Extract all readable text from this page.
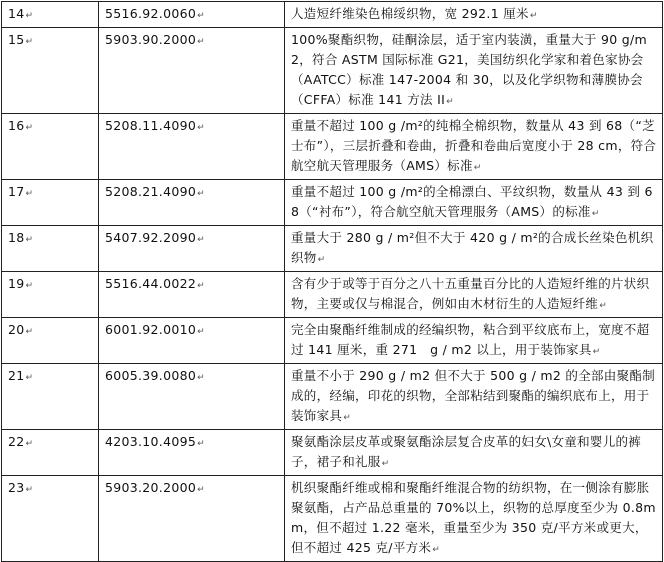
14↵	5516.92.0060↵	人造短纤维染色棉绥织物，宽 292.1 厘米↵
15↵	5903.90.2000↵	100%聚酯织物，硅酮涂层，适于室内装潢，重量大于 90 g/m2，符合 ASTM 国际标准 G21，美国纺织化学家和着色家协会（AATCC）标准 147-2004 和 30，以及化学织物和薄膜协会（CFFA）标准 141 方法 II↵
16↵	5208.11.4090↵	重量不超过 100 g /m²的纯棉全棉织物，数量从 43 到 68（“芝士布”），三层折叠和卷曲，折叠和卷曲后宽度小于 28 cm，符合航空航天管理服务（AMS）标准↵
17↵	5208.21.4090↵	重量不超过 100 g /m²的全棉漂白、平纹织物，数量从 43 到 68（“衬布”），符合航空航天管理服务（AMS）的标准↵
18↵	5407.92.2090↵	重量大于 280 g / m²但不大于 420 g / m²的合成长丝染色机织织物↵
19↵	5516.44.0022↵	含有少于或等于百分之八十五重量百分比的人造短纤维的片状织物，主要或仅与棉混合，例如由木材衍生的人造短纤维↵
20↵	6001.92.0010↵	完全由聚酯纤维制成的经编织物，粘合到平纹底布上，宽度不超过 141 厘米，重 271　g / m2 以上，用于装饰家具↵
21↵	6005.39.0080↵	重量不小于 290 g / m2 但不大于 500 g / m2 的全部由聚酯制成的，经编，印花的织物，全部粘结到聚酯的编织底布上，用于装饰家具↵
22↵	4203.10.4095↵	聚氨酯涂层皮革或聚氨酯涂层复合皮革的妇女\女童和婴儿的裤子，裙子和礼服↵
23↵	5903.20.2000↵	机织聚酯纤维或棉和聚酯纤维混合物的纺织物，在一侧涂有膨胀聚氨酯，占产品总重量的 70%以上，织物的总厚度至少为 0.8mm，但不超过 1.22 毫米，重量至少为 350 克/平方米或更大，但不超过 425 克/平方米↵
